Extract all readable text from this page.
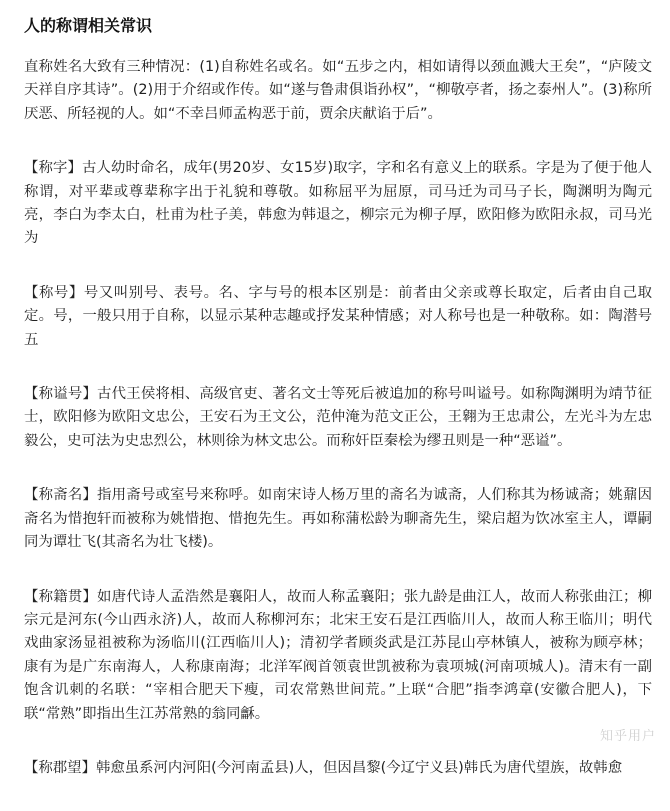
人的称谓相关常识

直称姓名大致有三种情况：(1)自称姓名或名。如“五步之内，相如请得以颈血溅大王矣”，“庐陵文天祥自序其诗”。(2)用于介绍或作传。如“遂与鲁肃俱诣孙权”，“柳敬亭者，扬之泰州人”。(3)称所厌恶、所轻视的人。如“不幸吕师孟构恶于前，贾余庆献谄于后”。

【称字】古人幼时命名，成年(男20岁、女15岁)取字，字和名有意义上的联系。字是为了便于他人称谓，对平辈或尊辈称字出于礼貌和尊敬。如称屈平为屈原，司马迁为司马子长，陶渊明为陶元亮，李白为李太白，杜甫为杜子美，韩愈为韩退之，柳宗元为柳子厚，欧阳修为欧阳永叔，司马光为

【称号】号又叫别号、表号。名、字与号的根本区别是：前者由父亲或尊长取定，后者由自己取定。号，一般只用于自称，以显示某种志趣或抒发某种情感；对人称号也是一种敬称。如：陶潜号五

【称谥号】古代王侯将相、高级官吏、著名文士等死后被追加的称号叫谥号。如称陶渊明为靖节征士，欧阳修为欧阳文忠公，王安石为王文公，范仲淹为范文正公，王翱为王忠肃公，左光斗为左忠毅公，史可法为史忠烈公，林则徐为林文忠公。而称奸臣秦桧为缪丑则是一种“恶谥”。

【称斋名】指用斋号或室号来称呼。如南宋诗人杨万里的斋名为诚斋，人们称其为杨诚斋；姚鼐因斋名为惜抱轩而被称为姚惜抱、惜抱先生。再如称蒲松龄为聊斋先生，梁启超为饮冰室主人，谭嗣同为谭壮飞(其斋名为壮飞楼)。

【称籍贯】如唐代诗人孟浩然是襄阳人，故而人称孟襄阳；张九龄是曲江人，故而人称张曲江；柳宗元是河东(今山西永济)人，故而人称柳河东；北宋王安石是江西临川人，故而人称王临川；明代戏曲家汤显祖被称为汤临川(江西临川人)；清初学者顾炎武是江苏昆山亭林镇人，被称为顾亭林；康有为是广东南海人，人称康南海；北洋军阀首领袁世凯被称为袁项城(河南项城人)。清末有一副饱含讥刺的名联：“宰相合肥天下瘦，司农常熟世间荒。”上联“合肥”指李鸿章(安徽合肥人)，下联“常熟”即指出生江苏常熟的翁同龢。

【称郡望】韩愈虽系河内河阳(今河南孟县)人，但因昌黎(今辽宁义县)韩氏为唐代望族，故韩愈

知乎用户
